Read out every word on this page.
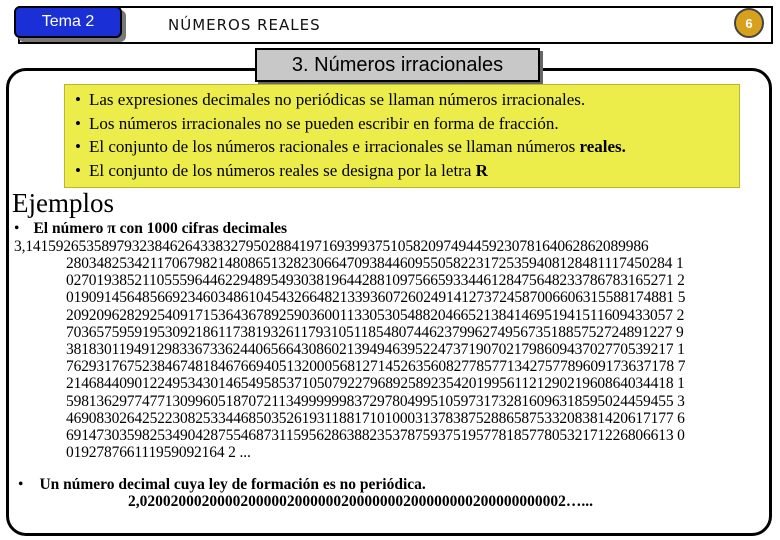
Tema 2	NÚMEROS REALES	6
3. Números irracionales
• Las expresiones decimales no periódicas se llaman números irracionales.
• Los números irracionales no se pueden escribir en forma de fracción.
• El conjunto de los números racionales e irracionales se llaman números reales.
• El conjunto de los números reales se designa por la letra R
Ejemplos
• El número π con 1000 cifras decimales
3,1415926535897932384626433832795028841971693993751058209749445923078164062862089986
28034825342117067982148086513282306647093844609550582231725359408128481117450284 1
02701938521105559644622948954930381964428810975665933446128475648233786783165271 2
01909145648566923460348610454326648213393607260249141273724587006606315588174881 5
20920962829254091715364367892590360011330530548820466521384146951941511609433057 2
70365759591953092186117381932611793105118548074462379962749567351885752724891227 9
38183011949129833673362440656643086021394946395224737190702179860943702770539217 1
76293176752384674818467669405132000568127145263560827785771342757789609173637178 7
21468440901224953430146549585371050792279689258923542019956112129021960864034418 1
59813629774771309960518707211349999998372978049951059731732816096318595024459455 3
46908302642522308253344685035261931188171010003137838752886587533208381420617177 6
69147303598253490428755468731159562863882353787593751957781857780532171226806613 0
019278766111959092164 2 ...
• Un número decimal cuya ley de formación es no periódica.
2,0200200020000200000200000020000000200000000200000000002…...
